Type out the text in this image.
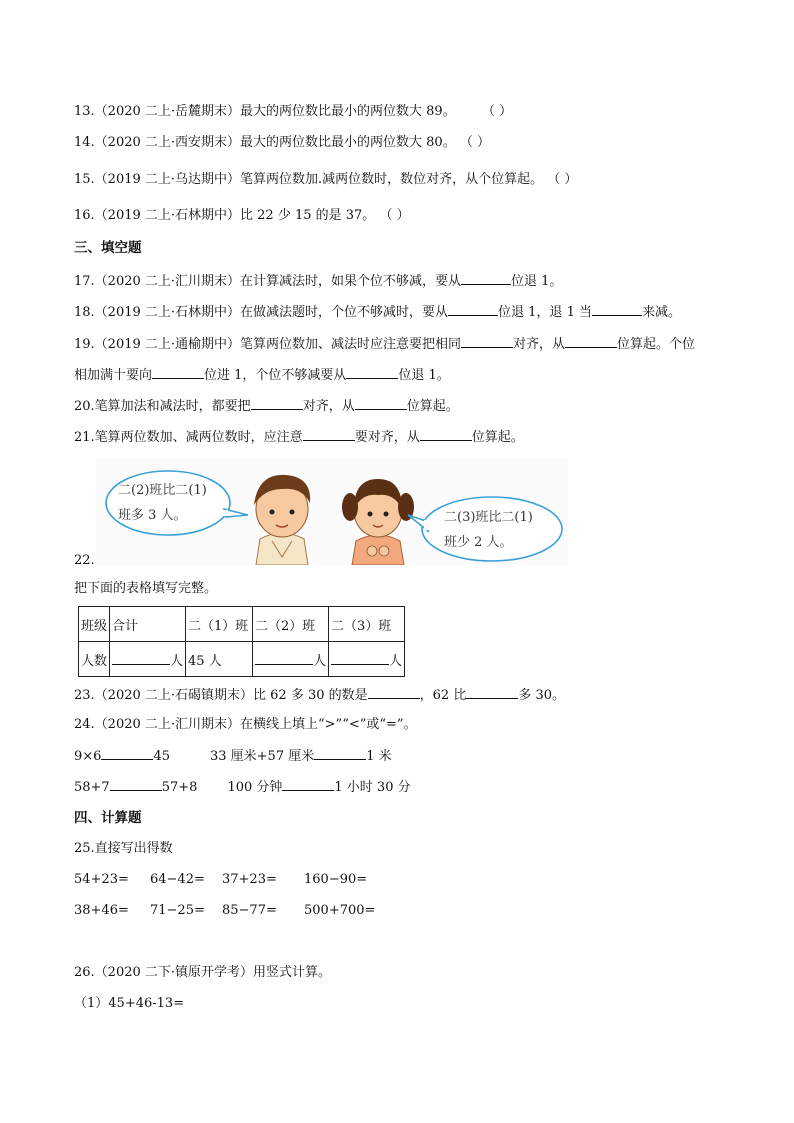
13.（2020 二上·岳麓期末）最大的两位数比最小的两位数大 89。 （ ）
14.（2020 二上·西安期末）最大的两位数比最小的两位数大 80。 （ ）
15.（2019 二上·乌达期中）笔算两位数加.减两位数时，数位对齐，从个位算起。 （ ）
16.（2019 二上·石林期中）比 22 少 15 的是 37。 （ ）
三、填空题
17.（2020 二上·汇川期末）在计算减法时，如果个位不够减，要从	位退 1。
18.（2019 二上·石林期中）在做减法题时，个位不够减时，要从	位退 1，退 1 当	来减。
19.（2019 二上·通榆期中）笔算两位数加、减法时应注意要把相同	对齐，从	位算起。个位
相加满十要向	位进 1，个位不够减要从	位退 1。
20.笔算加法和减法时，都要把	对齐，从	位算起。
21.笔算两位数加、减两位数时，应注意	要对齐，从	位算起。
二(2)班比二(1)
班多 3 人。	二(3)班比二(1)
班少 2 人。
22.
把下面的表格填写完整。
班级	合计	二（1）班	二（2）班	二（3）班
人数	人	45 人	人	人
23.（2020 二上·石碣镇期末）比 62 多 30 的数是	，62 比	多 30。
24.（2020 二上·汇川期末）在横线上填上“>”“<”或“=”。
9×6	45	33 厘米+57 厘米	1 米
58+7	57+8 100 分钟	1 小时 30 分
四、计算题
25.直接写出得数
54+23= 64−42= 37+23= 160−90=
38+46= 71−25= 85−77= 500+700=
26.（2020 二下·镇原开学考）用竖式计算。
（1）45+46-13=
